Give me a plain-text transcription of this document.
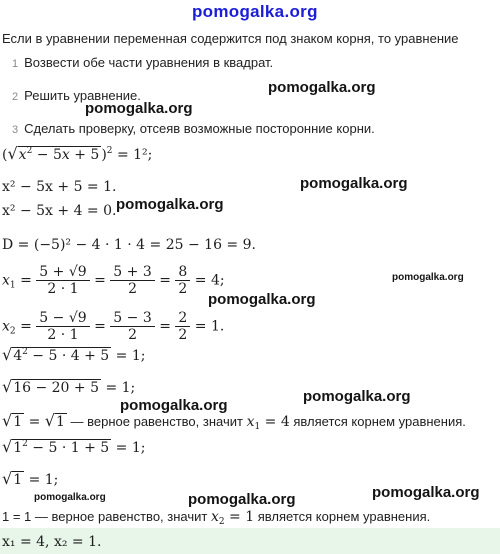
pomogalka.org
Если в уравнении переменная содержится под знаком корня, то уравнение
1 Возвести обе части уравнения в квадрат.
2 Решить уравнение.
3 Сделать проверку, отсеяв возможные посторонние корни.
pomogalka.org
pomogalka.org
($√x^2 - 5x + 5$ )$^2$ = 1²;
x² − 5x + 5 = 1.	pomogalka.org
x² − 5x + 4 = 0. pomogalka.org
D = (−5)² − 4 · 1 · 4 = 25 − 16 = 9.
$x_1 = \frac{5 + √9}{2 \cdot 1} = \frac{5 + 3}{2} = \frac{8}{2} = 4$;	pomogalka.org
pomogalka.org
$x_2 = \frac{5 - √9}{2 \cdot 1} = \frac{5 - 3}{2} = \frac{2}{2} = 1$.
$√4^2 - 5 \cdot 4 + 5 = 1$;
√16 − 20 + 5 = 1;	pomogalka.org
pomogalka.org
√1 = √1 — верное равенство, значит $x_1 = 4$ является корнем уравнения.
$√1^2 - 5 \cdot 1 + 5 = 1$;
√1 = 1;
pomogalka.org	pomogalka.org	pomogalka.org
1 = 1 — верное равенство, значит $x_2 = 1$ является корнем уравнения.
x₁ = 4, x₂ = 1.
